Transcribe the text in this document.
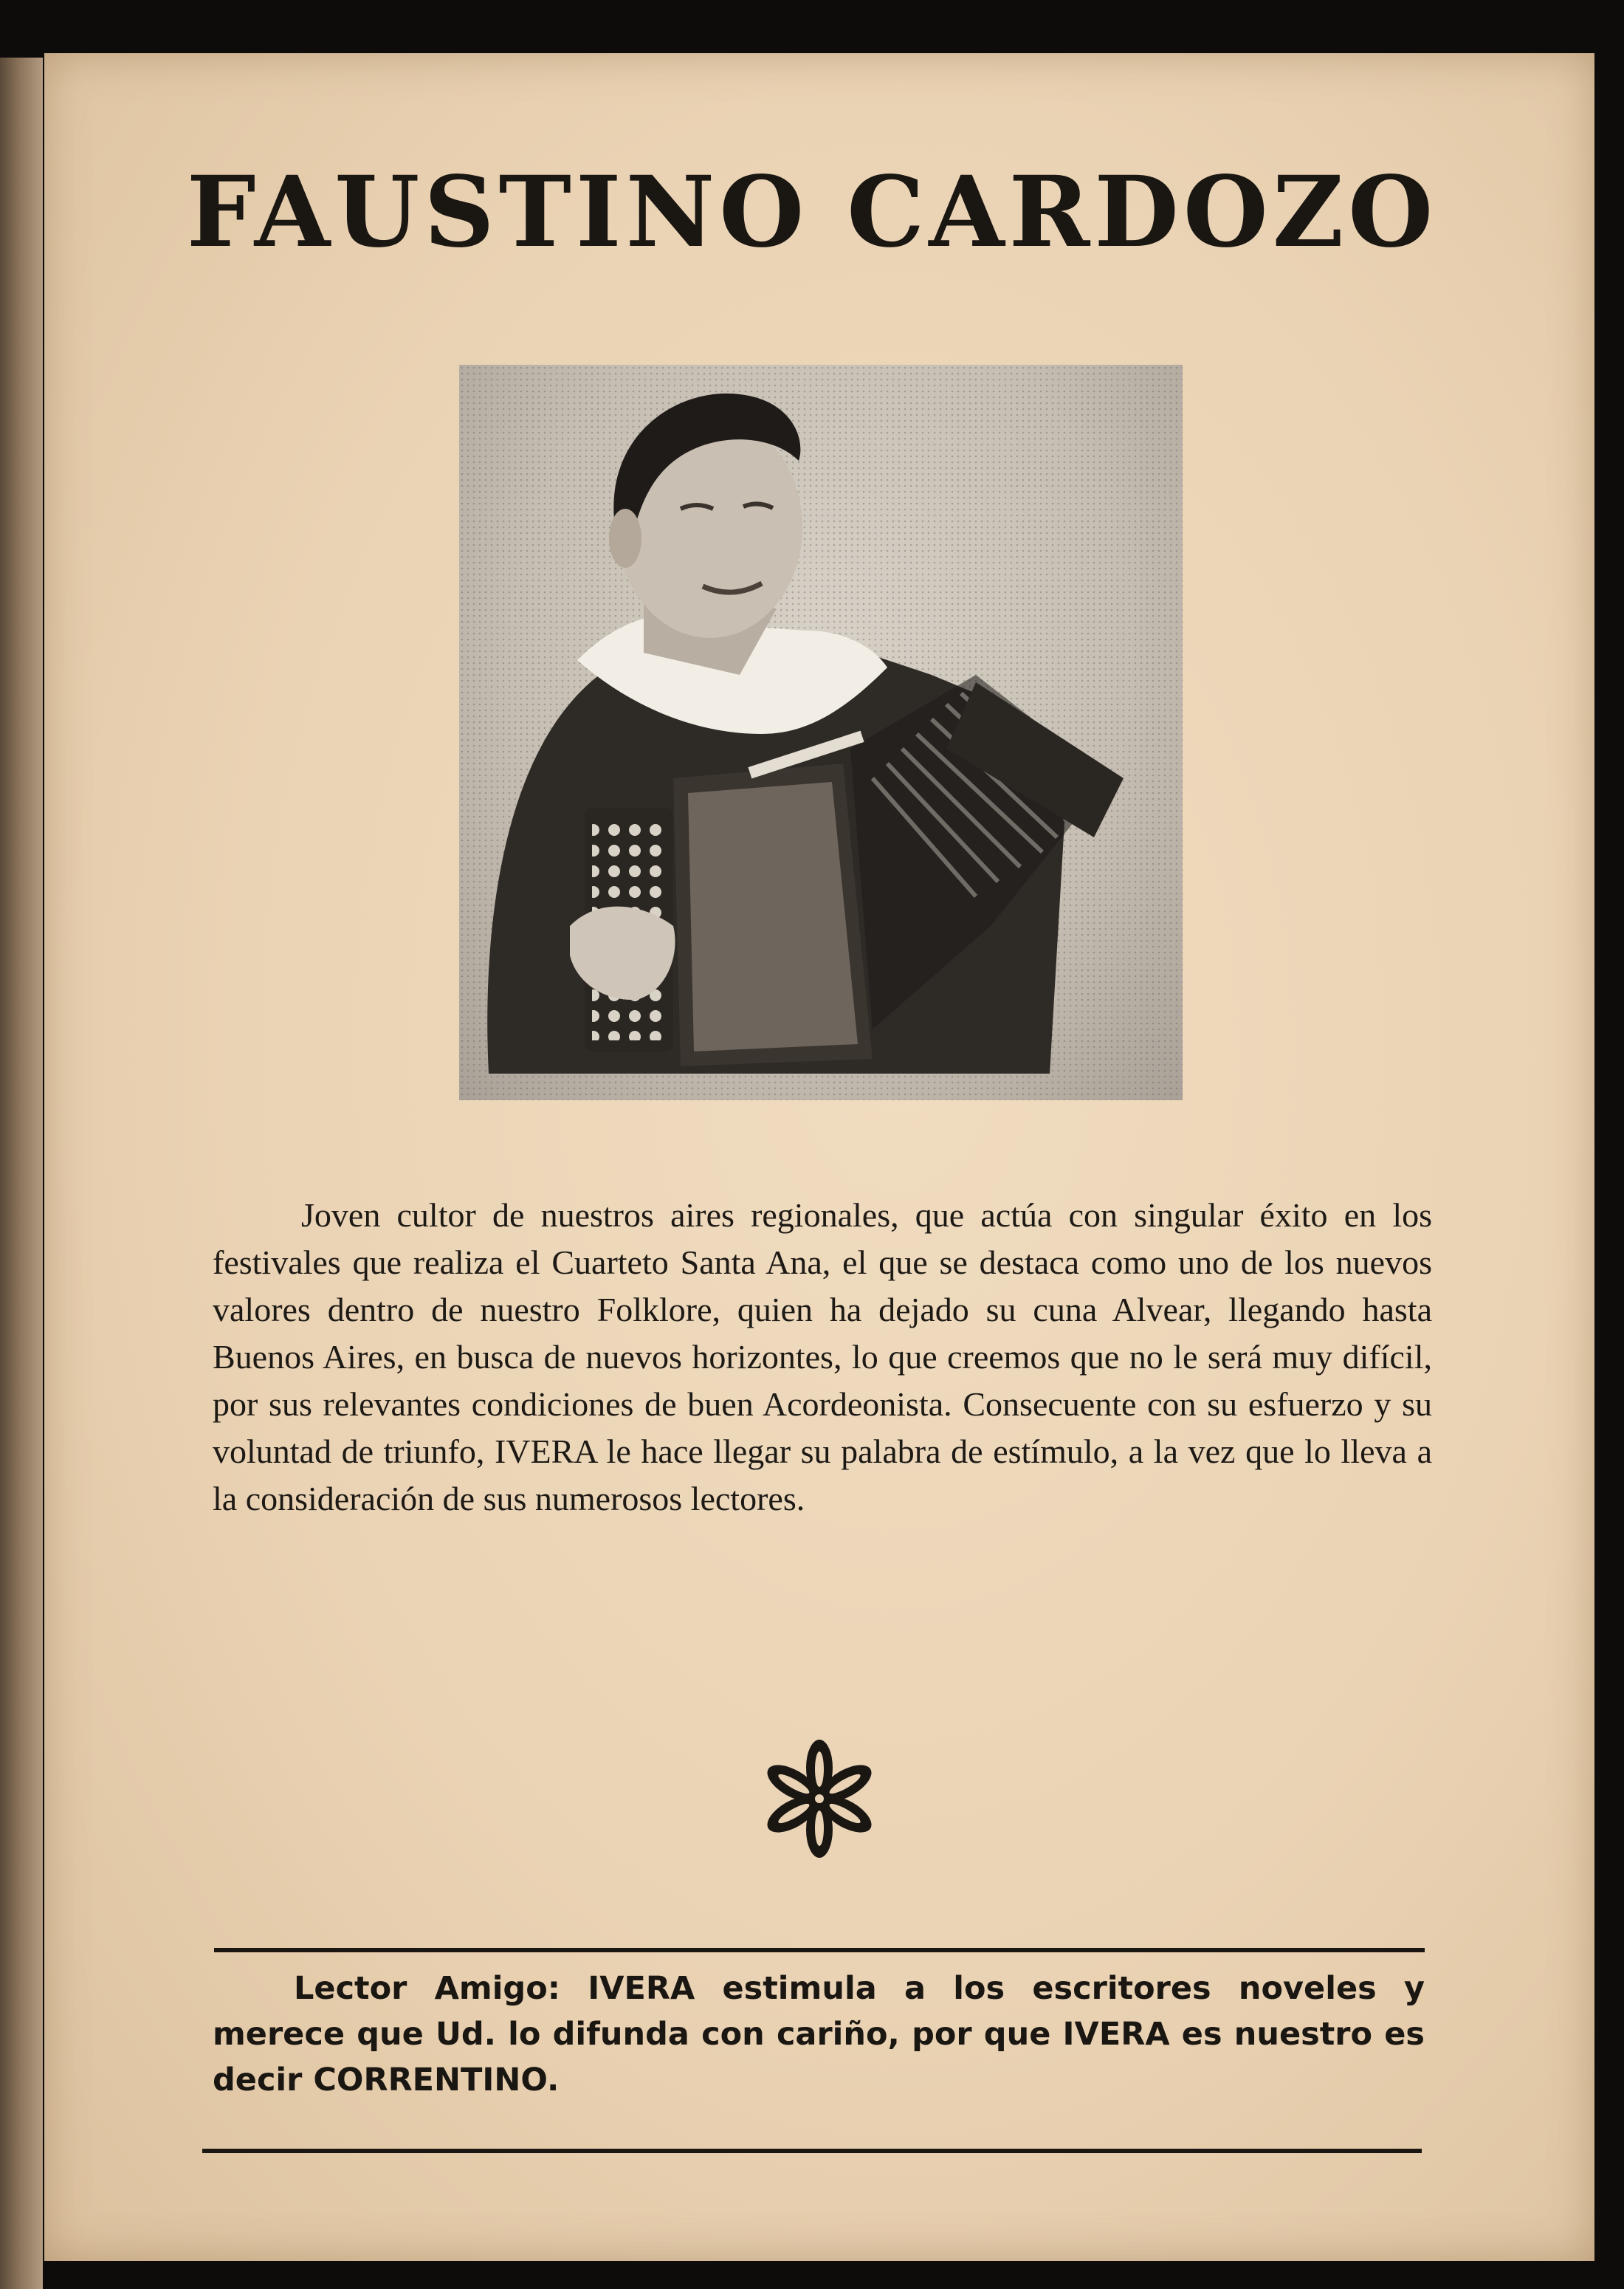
FAUSTINO CARDOZO

Joven cultor de nuestros aires regionales, que actúa con singular éxito en los festivales que realiza el Cuarteto Santa Ana, el que se destaca como uno de los nuevos valores dentro de nuestro Folklore, quien ha dejado su cuna Alvear, llegando hasta Buenos Aires, en busca de nuevos horizontes, lo que creemos que no le será muy difícil, por sus relevantes condiciones de buen Acordeonista. Consecuente con su esfuerzo y su voluntad de triunfo, IVERA le hace llegar su palabra de estímulo, a la vez que lo lleva a la consideración de sus numerosos lectores.

Lector Amigo: IVERA estimula a los escritores noveles y merece que Ud. lo difunda con cariño, por que IVERA es nuestro es decir CORRENTINO.
